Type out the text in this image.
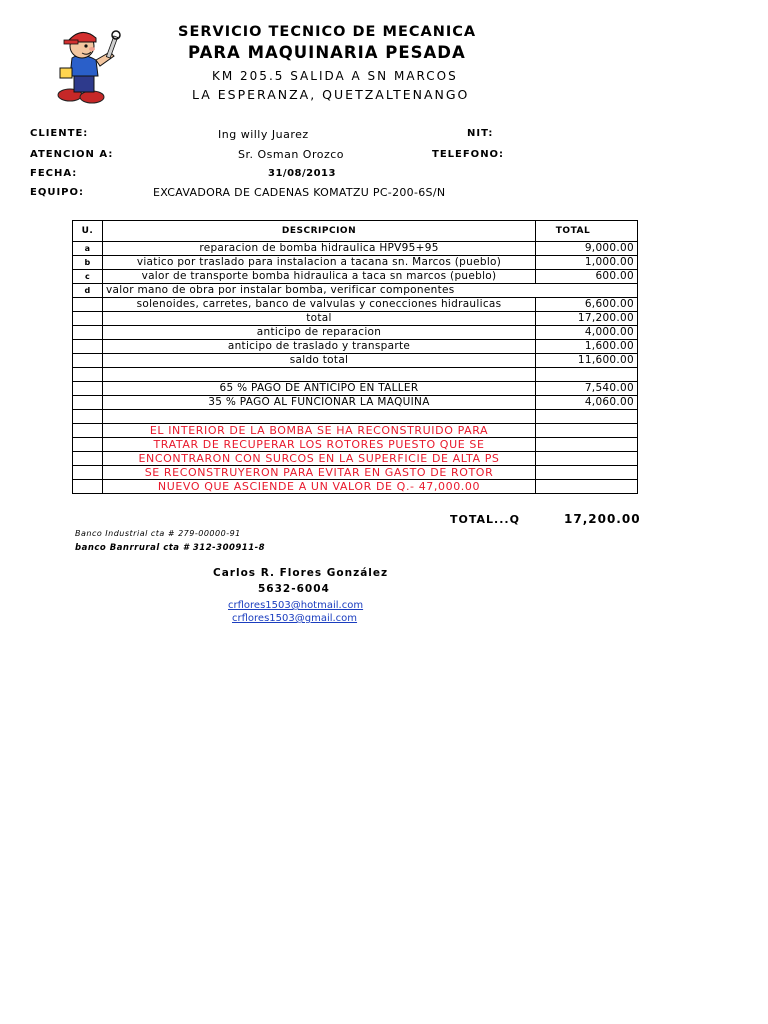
SERVICIO TECNICO DE MECANICA
PARA MAQUINARIA PESADA
KM 205.5 SALIDA A SN MARCOS
LA ESPERANZA, QUETZALTENANGO
CLIENTE:	Ing willy Juarez	NIT:
ATENCION A:	Sr. Osman Orozco	TELEFONO:
FECHA:	31/08/2013
EQUIPO:	EXCAVADORA DE CADENAS KOMATZU PC-200-6S/N
U.	DESCRIPCION	TOTAL
a	reparacion de bomba hidraulica HPV95+95	9,000.00
b	viatico por traslado para instalacion a tacana sn. Marcos (pueblo)	1,000.00
c	valor de transporte bomba hidraulica a taca sn marcos (pueblo)	600.00
d	valor mano de obra por instalar bomba, verificar componentes	
	solenoides, carretes, banco de valvulas y conecciones hidraulicas	6,600.00
	total	17,200.00
	anticipo de reparacion	4,000.00
	anticipo de traslado y transparte	1,600.00
	saldo total	11,600.00

	65 % PAGO DE ANTICIPO EN TALLER	7,540.00
	35 % PAGO AL FUNCIONAR LA MAQUINA	4,060.00

	EL INTERIOR DE LA BOMBA SE HA RECONSTRUIDO PARA	
	TRATAR DE RECUPERAR LOS ROTORES PUESTO QUE SE	
	ENCONTRARON CON SURCOS EN LA SUPERFICIE DE ALTA PS	
	SE RECONSTRUYERON PARA EVITAR EN GASTO DE ROTOR	
	NUEVO QUE ASCIENDE A UN VALOR DE Q.- 47,000.00	
TOTAL...Q	17,200.00
Banco Industrial cta # 279-00000-91
banco Banrrural cta # 312-300911-8
Carlos R. Flores González
5632-6004
crflores1503@hotmail.com
crflores1503@gmail.com
